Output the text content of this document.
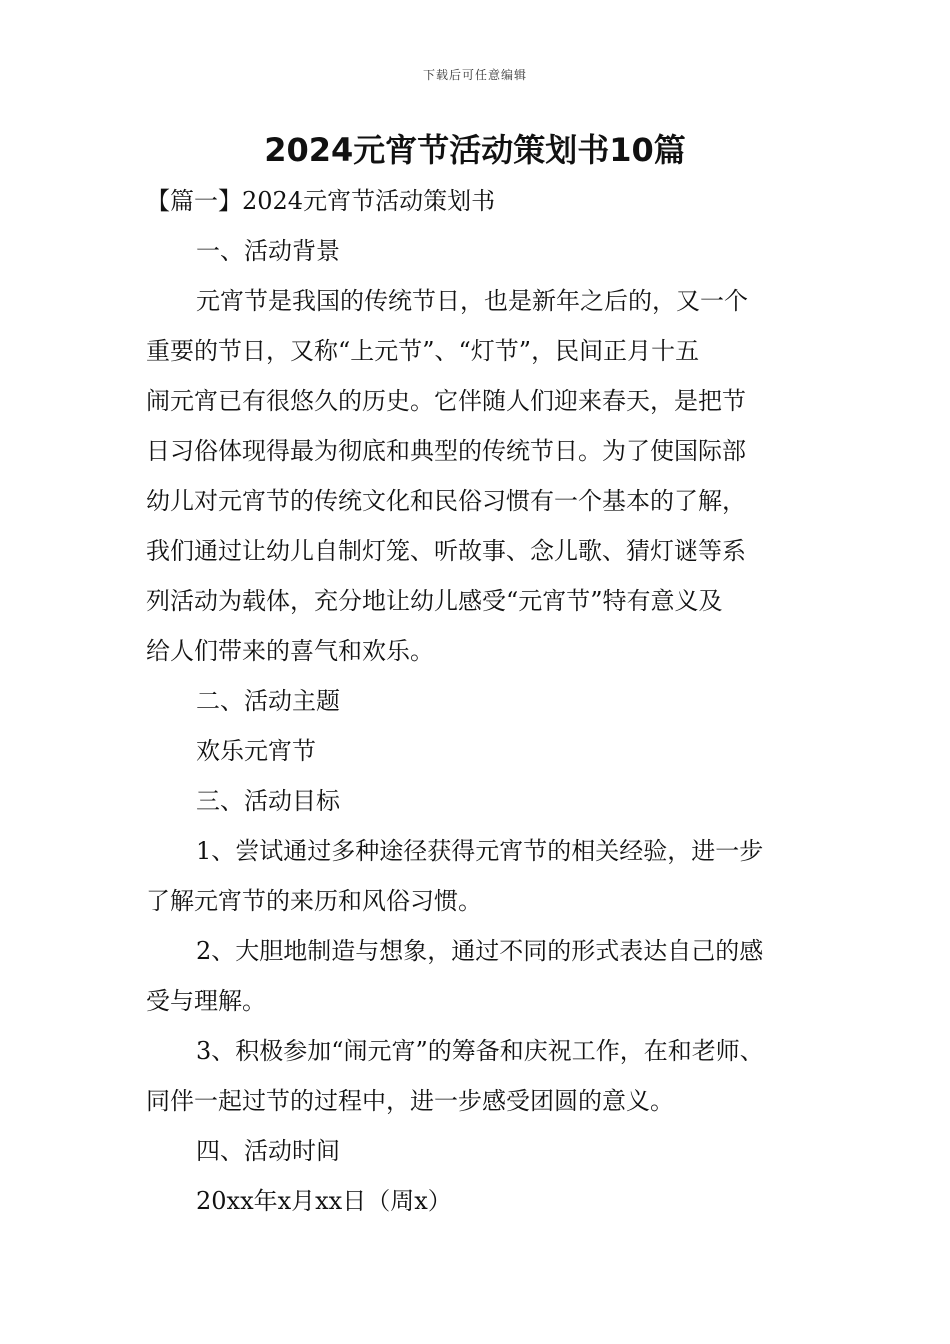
下载后可任意编辑
2024元宵节活动策划书10篇
【篇一】2024元宵节活动策划书
一、活动背景
元宵节是我国的传统节日，也是新年之后的，又一个
重要的节日，又称“上元节”、“灯节”，民间正月十五
闹元宵已有很悠久的历史。它伴随人们迎来春天，是把节
日习俗体现得最为彻底和典型的传统节日。为了使国际部
幼儿对元宵节的传统文化和民俗习惯有一个基本的了解，
我们通过让幼儿自制灯笼、听故事、念儿歌、猜灯谜等系
列活动为载体，充分地让幼儿感受“元宵节”特有意义及
给人们带来的喜气和欢乐。
二、活动主题
欢乐元宵节
三、活动目标
1、尝试通过多种途径获得元宵节的相关经验，进一步
了解元宵节的来历和风俗习惯。
2、大胆地制造与想象，通过不同的形式表达自己的感
受与理解。
3、积极参加“闹元宵”的筹备和庆祝工作，在和老师、
同伴一起过节的过程中，进一步感受团圆的意义。
四、活动时间
20xx年x月xx日（周x）
